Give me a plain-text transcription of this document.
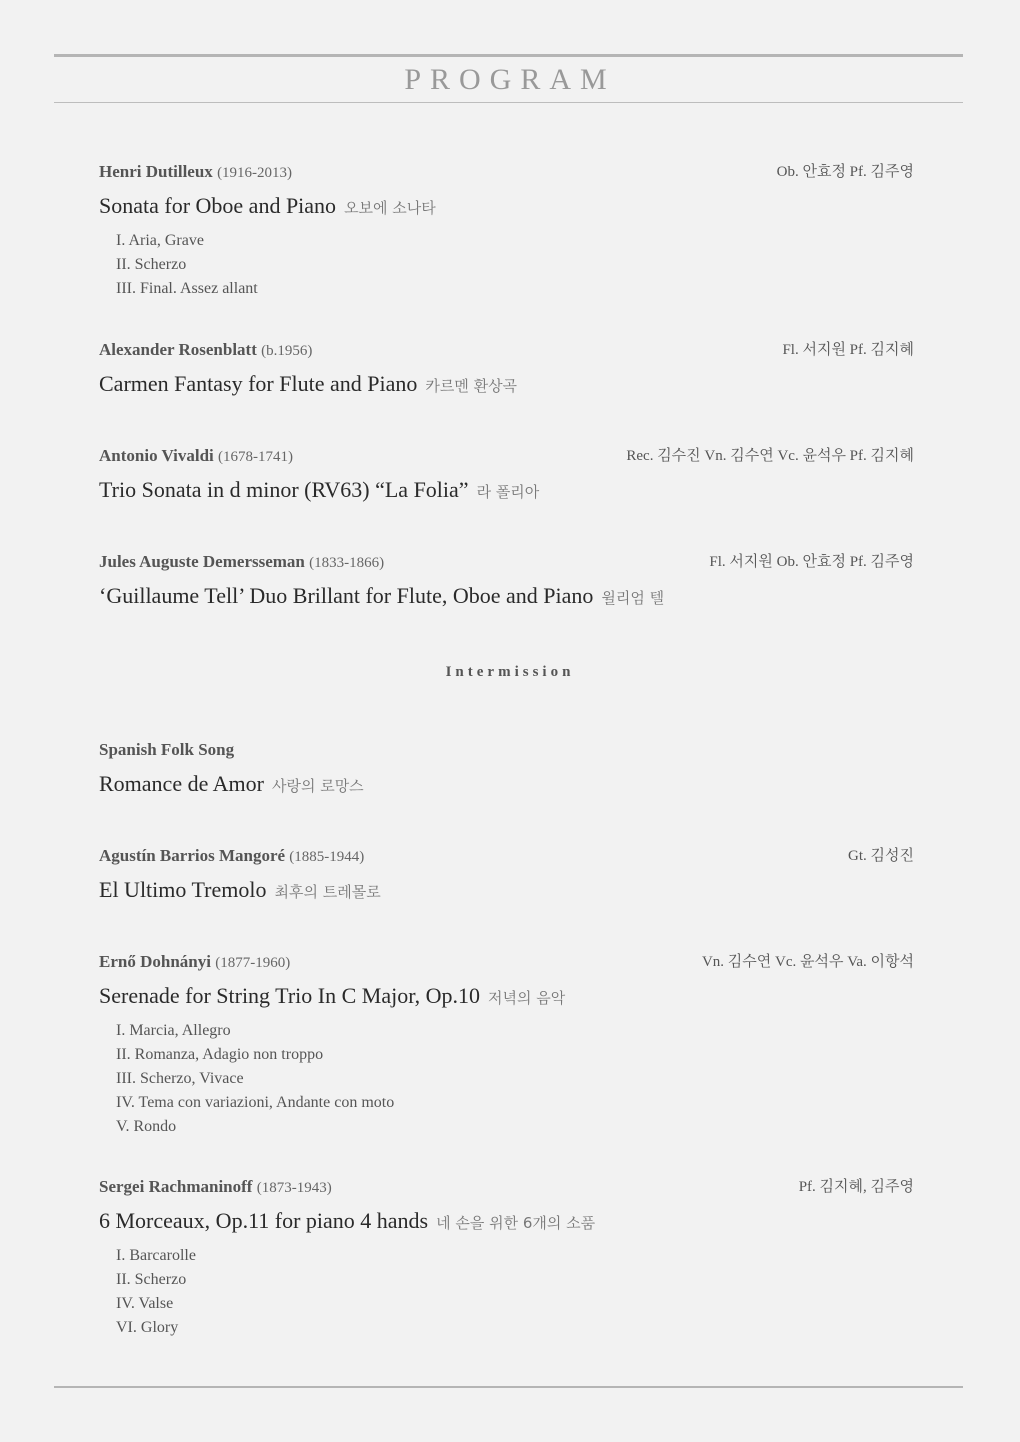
PROGRAM
Henri Dutilleux (1916-2013)	Ob. 안효정 Pf. 김주영
Sonata for Oboe and Piano 오보에 소나타
I. Aria, Grave
II. Scherzo
III. Final. Assez allant
Alexander Rosenblatt (b.1956)	Fl. 서지원 Pf. 김지혜
Carmen Fantasy for Flute and Piano 카르멘 환상곡
Antonio Vivaldi (1678-1741)	Rec. 김수진 Vn. 김수연 Vc. 윤석우 Pf. 김지혜
Trio Sonata in d minor (RV63) “La Folia” 라 폴리아
Jules Auguste Demersseman (1833-1866)	Fl. 서지원 Ob. 안효정 Pf. 김주영
‘Guillaume Tell’ Duo Brillant for Flute, Oboe and Piano 윌리엄 텔
Intermission
Spanish Folk Song
Romance de Amor 사랑의 로망스
Agustín Barrios Mangoré (1885-1944)	Gt. 김성진
El Ultimo Tremolo 최후의 트레몰로
Ernő Dohnányi (1877-1960)	Vn. 김수연 Vc. 윤석우 Va. 이항석
Serenade for String Trio In C Major, Op.10 저녁의 음악
I. Marcia, Allegro
II. Romanza, Adagio non troppo
III. Scherzo, Vivace
IV. Tema con variazioni, Andante con moto
V. Rondo
Sergei Rachmaninoff (1873-1943)	Pf. 김지혜, 김주영
6 Morceaux, Op.11 for piano 4 hands 네 손을 위한 6개의 소품
I. Barcarolle
II. Scherzo
IV. Valse
VI. Glory
